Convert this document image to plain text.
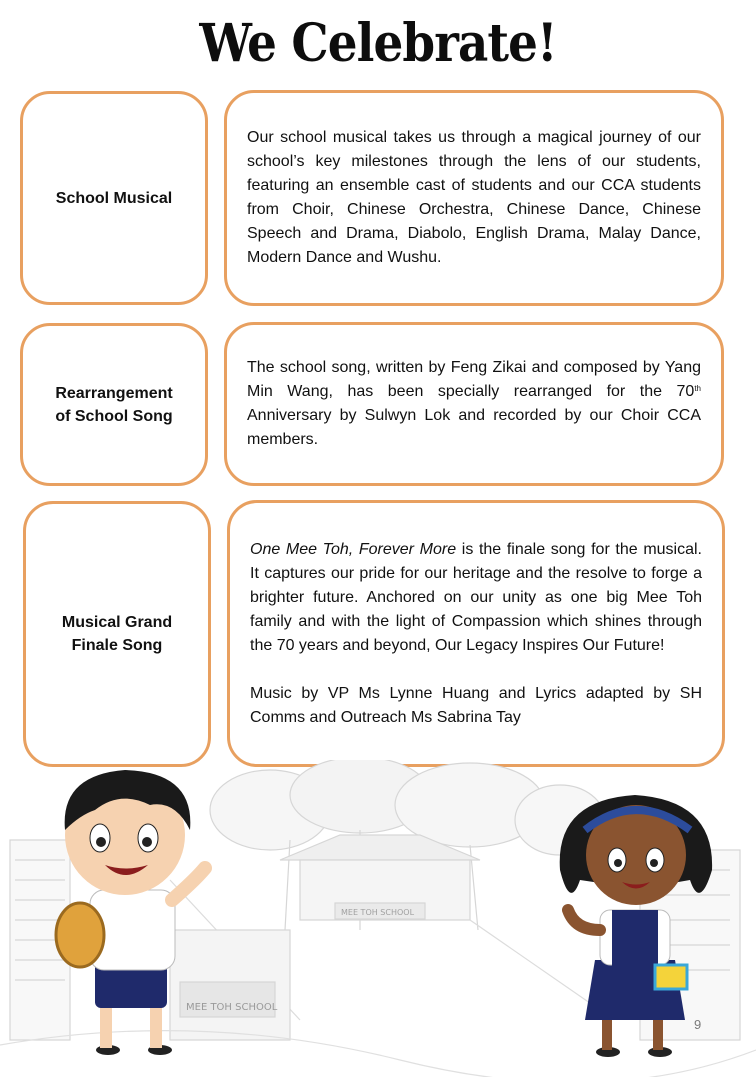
We Celebrate!
School Musical

Our school musical takes us through a magical journey of our school’s key milestones through the lens of our students, featuring an ensemble cast of students and our CCA students from Choir, Chinese Orchestra, Chinese Dance, Chinese Speech and Drama, Diabolo, English Drama, Malay Dance, Modern Dance and Wushu.

Rearrangement
of School Song

The school song, written by Feng Zikai and composed by Yang Min Wang, has been specially rearranged for the 70th Anniversary by Sulwyn Lok and recorded by our Choir CCA members.

Musical Grand
Finale Song

One Mee Toh, Forever More is the finale song for the musical. It captures our pride for our heritage and the resolve to forge a brighter future. Anchored on our unity as one big Mee Toh family and with the light of Compassion which shines through the 70 years and beyond, Our Legacy Inspires Our Future!

Music by VP Ms Lynne Huang and Lyrics adapted by SH Comms and Outreach Ms Sabrina Tay

MEE TOH SCHOOL
MEE TOH SCHOOL
9
